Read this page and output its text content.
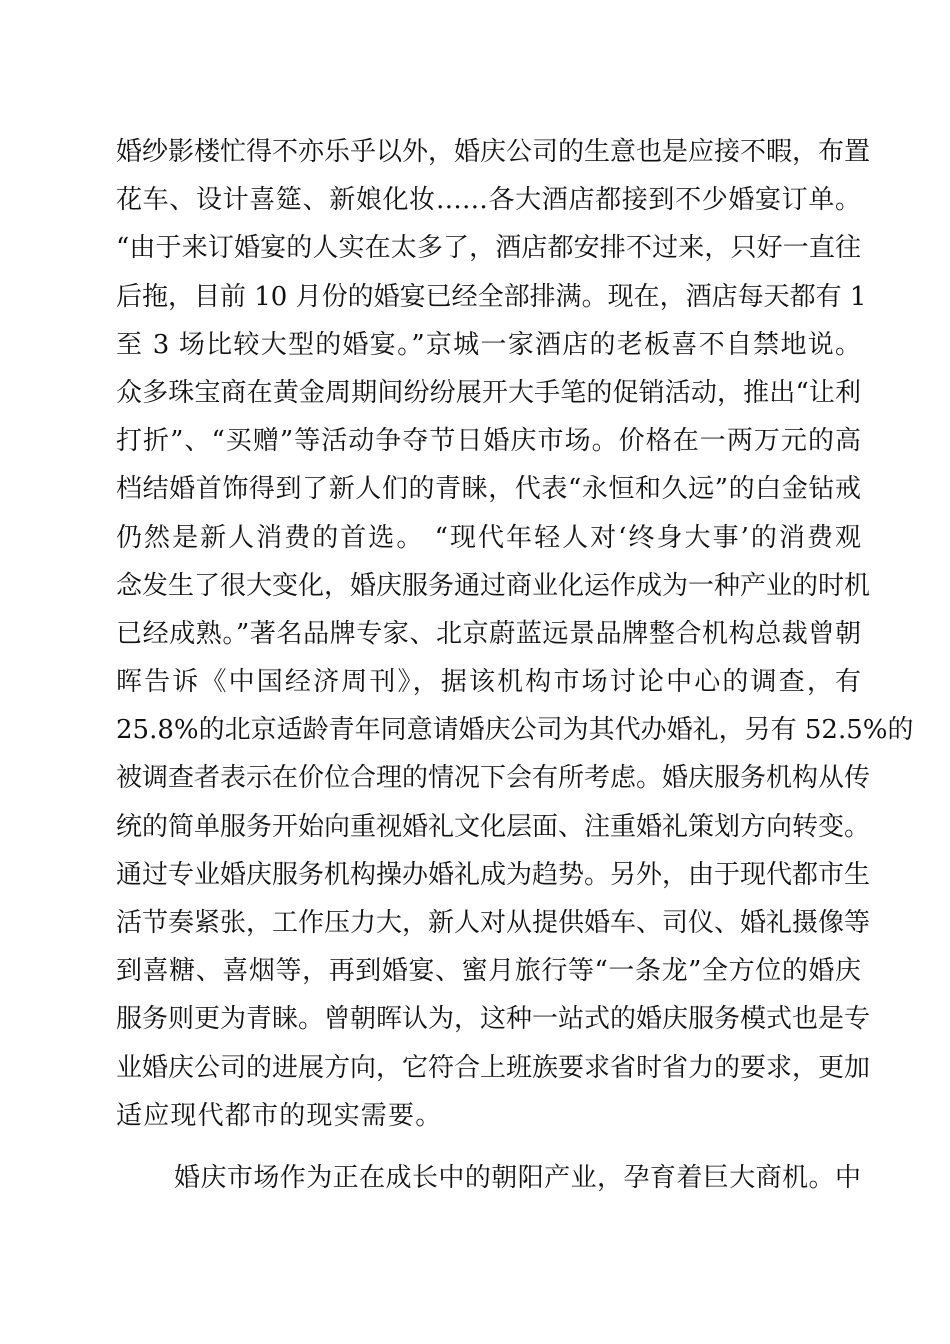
婚纱影楼忙得不亦乐乎以外，婚庆公司的生意也是应接不暇，布置
花车、设计喜筵、新娘化妆……各大酒店都接到不少婚宴订单。
“由于来订婚宴的人实在太多了，酒店都安排不过来，只好一直往
后拖，目前 10 月份的婚宴已经全部排满。现在，酒店每天都有 1
至 3 场比较大型的婚宴。”京城一家酒店的老板喜不自禁地说。
众多珠宝商在黄金周期间纷纷展开大手笔的促销活动，推出“让利
打折”、“买赠”等活动争夺节日婚庆市场。价格在一两万元的高
档结婚首饰得到了新人们的青睐，代表“永恒和久远”的白金钻戒
仍然是新人消费的首选。 “现代年轻人对‘终身大事’的消费观
念发生了很大变化，婚庆服务通过商业化运作成为一种产业的时机
已经成熟。”著名品牌专家、北京蔚蓝远景品牌整合机构总裁曾朝
晖告诉《中国经济周刊》，据该机构市场讨论中心的调查，有
25.8%的北京适龄青年同意请婚庆公司为其代办婚礼，另有 52.5%的
被调查者表示在价位合理的情况下会有所考虑。婚庆服务机构从传
统的简单服务开始向重视婚礼文化层面、注重婚礼策划方向转变。
通过专业婚庆服务机构操办婚礼成为趋势。另外，由于现代都市生
活节奏紧张，工作压力大，新人对从提供婚车、司仪、婚礼摄像等
到喜糖、喜烟等，再到婚宴、蜜月旅行等“一条龙”全方位的婚庆
服务则更为青睐。曾朝晖认为，这种一站式的婚庆服务模式也是专
业婚庆公司的进展方向，它符合上班族要求省时省力的要求，更加
适应现代都市的现实需要。
婚庆市场作为正在成长中的朝阳产业，孕育着巨大商机。中
